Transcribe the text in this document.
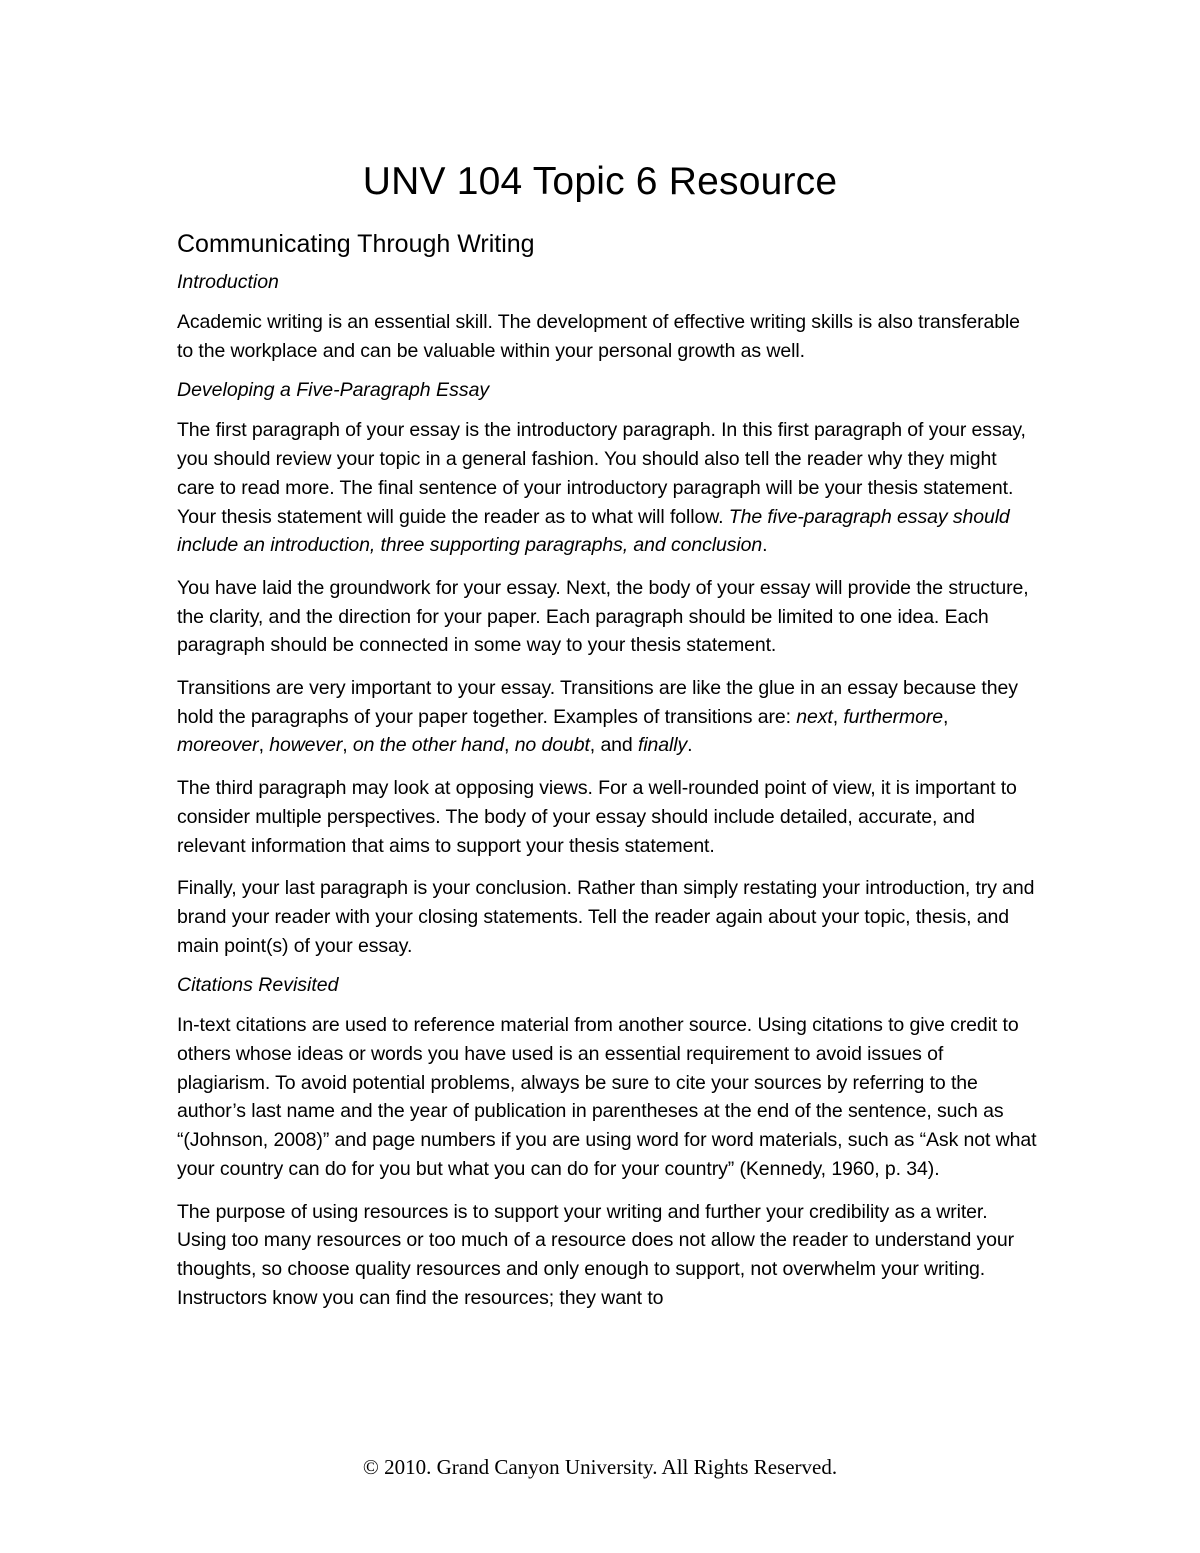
UNV 104 Topic 6 Resource
Communicating Through Writing
Introduction

Academic writing is an essential skill. The development of effective writing skills is also transferable to the workplace and can be valuable within your personal growth as well.

Developing a Five-Paragraph Essay

The first paragraph of your essay is the introductory paragraph. In this first paragraph of your essay, you should review your topic in a general fashion. You should also tell the reader why they might care to read more. The final sentence of your introductory paragraph will be your thesis statement. Your thesis statement will guide the reader as to what will follow. The five-paragraph essay should include an introduction, three supporting paragraphs, and conclusion.

You have laid the groundwork for your essay. Next, the body of your essay will provide the structure, the clarity, and the direction for your paper. Each paragraph should be limited to one idea. Each paragraph should be connected in some way to your thesis statement.

Transitions are very important to your essay. Transitions are like the glue in an essay because they hold the paragraphs of your paper together. Examples of transitions are: next, furthermore, moreover, however, on the other hand, no doubt, and finally.

The third paragraph may look at opposing views. For a well-rounded point of view, it is important to consider multiple perspectives. The body of your essay should include detailed, accurate, and relevant information that aims to support your thesis statement.

Finally, your last paragraph is your conclusion. Rather than simply restating your introduction, try and brand your reader with your closing statements. Tell the reader again about your topic, thesis, and main point(s) of your essay.

Citations Revisited

In-text citations are used to reference material from another source. Using citations to give credit to others whose ideas or words you have used is an essential requirement to avoid issues of plagiarism. To avoid potential problems, always be sure to cite your sources by referring to the author’s last name and the year of publication in parentheses at the end of the sentence, such as “(Johnson, 2008)” and page numbers if you are using word for word materials, such as “Ask not what your country can do for you but what you can do for your country” (Kennedy, 1960, p. 34).

The purpose of using resources is to support your writing and further your credibility as a writer. Using too many resources or too much of a resource does not allow the reader to understand your thoughts, so choose quality resources and only enough to support, not overwhelm your writing. Instructors know you can find the resources; they want to

© 2010. Grand Canyon University. All Rights Reserved.
